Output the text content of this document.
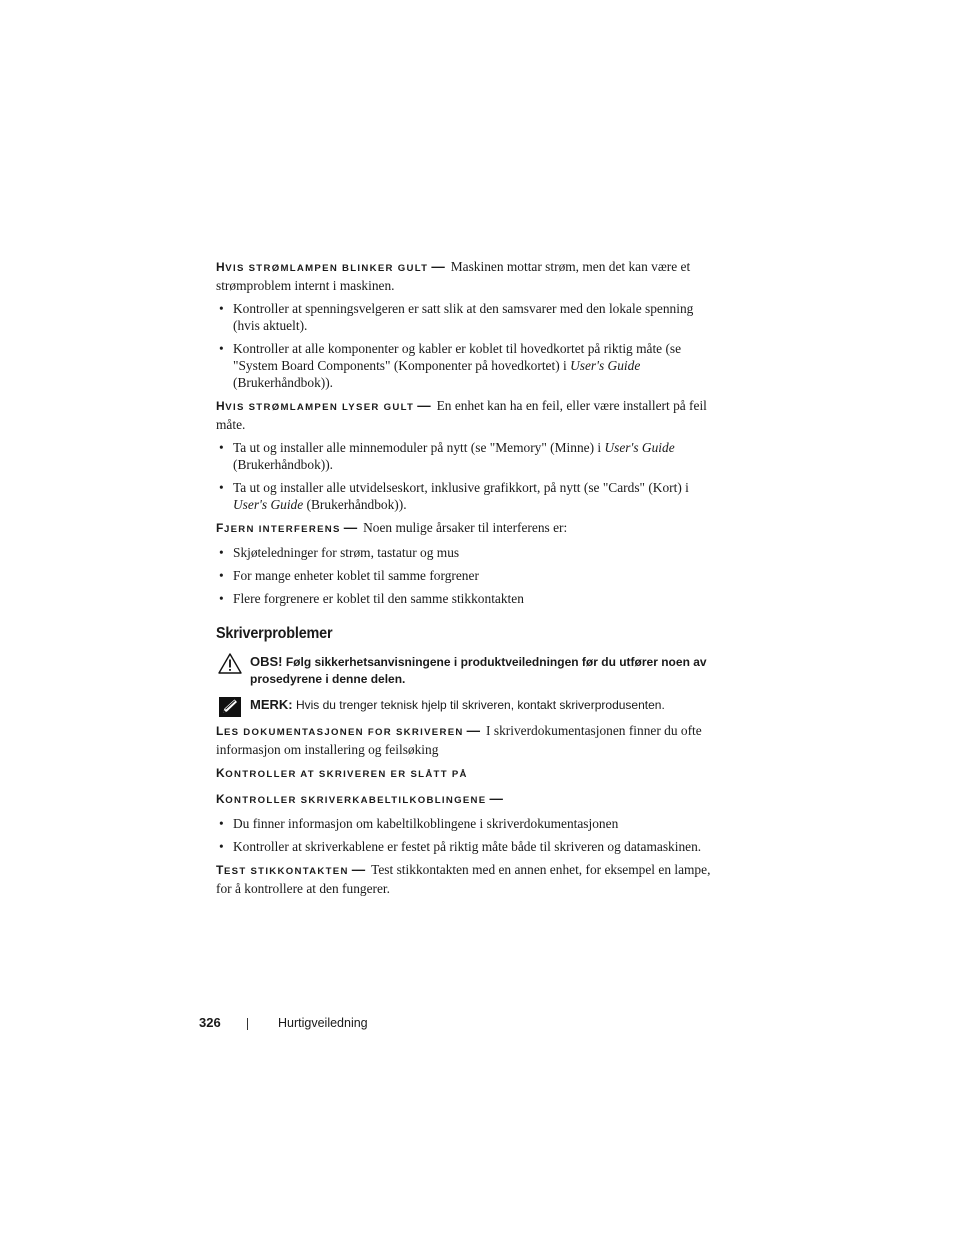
HVIS STRØMLAMPEN BLINKER GULT — Maskinen mottar strøm, men det kan være et strømproblem internt i maskinen.

• Kontroller at spenningsvelgeren er satt slik at den samsvarer med den lokale spenning (hvis aktuelt).
• Kontroller at alle komponenter og kabler er koblet til hovedkortet på riktig måte (se "System Board Components" (Komponenter på hovedkortet) i User's Guide (Brukerhåndbok)).

HVIS STRØMLAMPEN LYSER GULT — En enhet kan ha en feil, eller være installert på feil måte.

• Ta ut og installer alle minnemoduler på nytt (se "Memory" (Minne) i User's Guide (Brukerhåndbok)).
• Ta ut og installer alle utvidelseskort, inklusive grafikkort, på nytt (se "Cards" (Kort) i User's Guide (Brukerhåndbok)).

FJERN INTERFERENS — Noen mulige årsaker til interferens er:

• Skjøteledninger for strøm, tastatur og mus
• For mange enheter koblet til samme forgrener
• Flere forgrenere er koblet til den samme stikkontakten
Skriverproblemer
OBS! Følg sikkerhetsanvisningene i produktveiledningen før du utfører noen av prosedyrene i denne delen.
MERK: Hvis du trenger teknisk hjelp til skriveren, kontakt skriverprodusenten.

LES DOKUMENTASJONEN FOR SKRIVEREN — I skriverdokumentasjonen finner du ofte informasjon om installering og feilsøking

KONTROLLER AT SKRIVEREN ER SLÅTT PÅ

KONTROLLER SKRIVERKABELTILKOBLINGENE —

• Du finner informasjon om kabeltilkoblingene i skriverdokumentasjonen
• Kontroller at skriverkablene er festet på riktig måte både til skriveren og datamaskinen.

TEST STIKKONTAKTEN — Test stikkontakten med en annen enhet, for eksempel en lampe, for å kontrollere at den fungerer.

326	Hurtigveiledning
